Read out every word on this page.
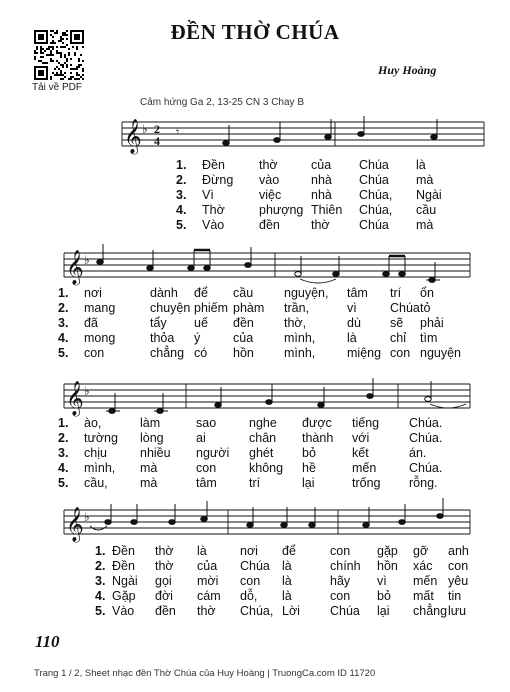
Tải về PDF
ĐỀN THỜ CHÚA
Huy Hoàng
Cảm hứng Ga 2, 13-25 CN 3 Chay B
𝄞 ♭ 2
4
𝄾
𝄞 ♭
𝄞 ♭
𝄞 ♭
1. Đền	thờ	của Chúa là
2. Đừng vào	nhà Chúa mà
3. Vì	việc nhà Chúa, Ngài
4. Thờ	phượng Thiên Chúa, cầu
5. Vào	đền thờ Chúa mà
1. nơi	dành để cầu nguyện, tâm trí ổn
2. mang	chuyện phiếm phàm trần,	vì	Chúa tỏ
3. đã	tẩy uế đền thờ,	dù sẽ phải
4. mong	thỏa ý	của mình,	là	chỉ tìm
5. con	chẳng có hồn mình,	miệng con nguyện
1. ào,	làm	sao	nghe được tiếng Chúa.
2. tường lòng	ai	chân thành với	Chúa.
3. chịu	nhiều người ghét bỏ	kết	án.
4. mình, mà	con	không hề	mến	Chúa.
5. cầu,	mà	tâm	trí	lại	trống rỗng.
1. Đền thờ là	nơi để	con gặp gỡ anh
2. Đền thờ của Chúa là	chính hồn xác con
3. Ngài gọi mời con là	hãy vì mến yêu
4. Gặp đời cám dỗ, là	con bỏ mất tin
5. Vào đền thờ Chúa, Lời Chúa lại chẳng lưu
110
Trang 1 / 2, Sheet nhạc đền Thờ Chúa của Huy Hoàng | TruongCa.com ID 11720
